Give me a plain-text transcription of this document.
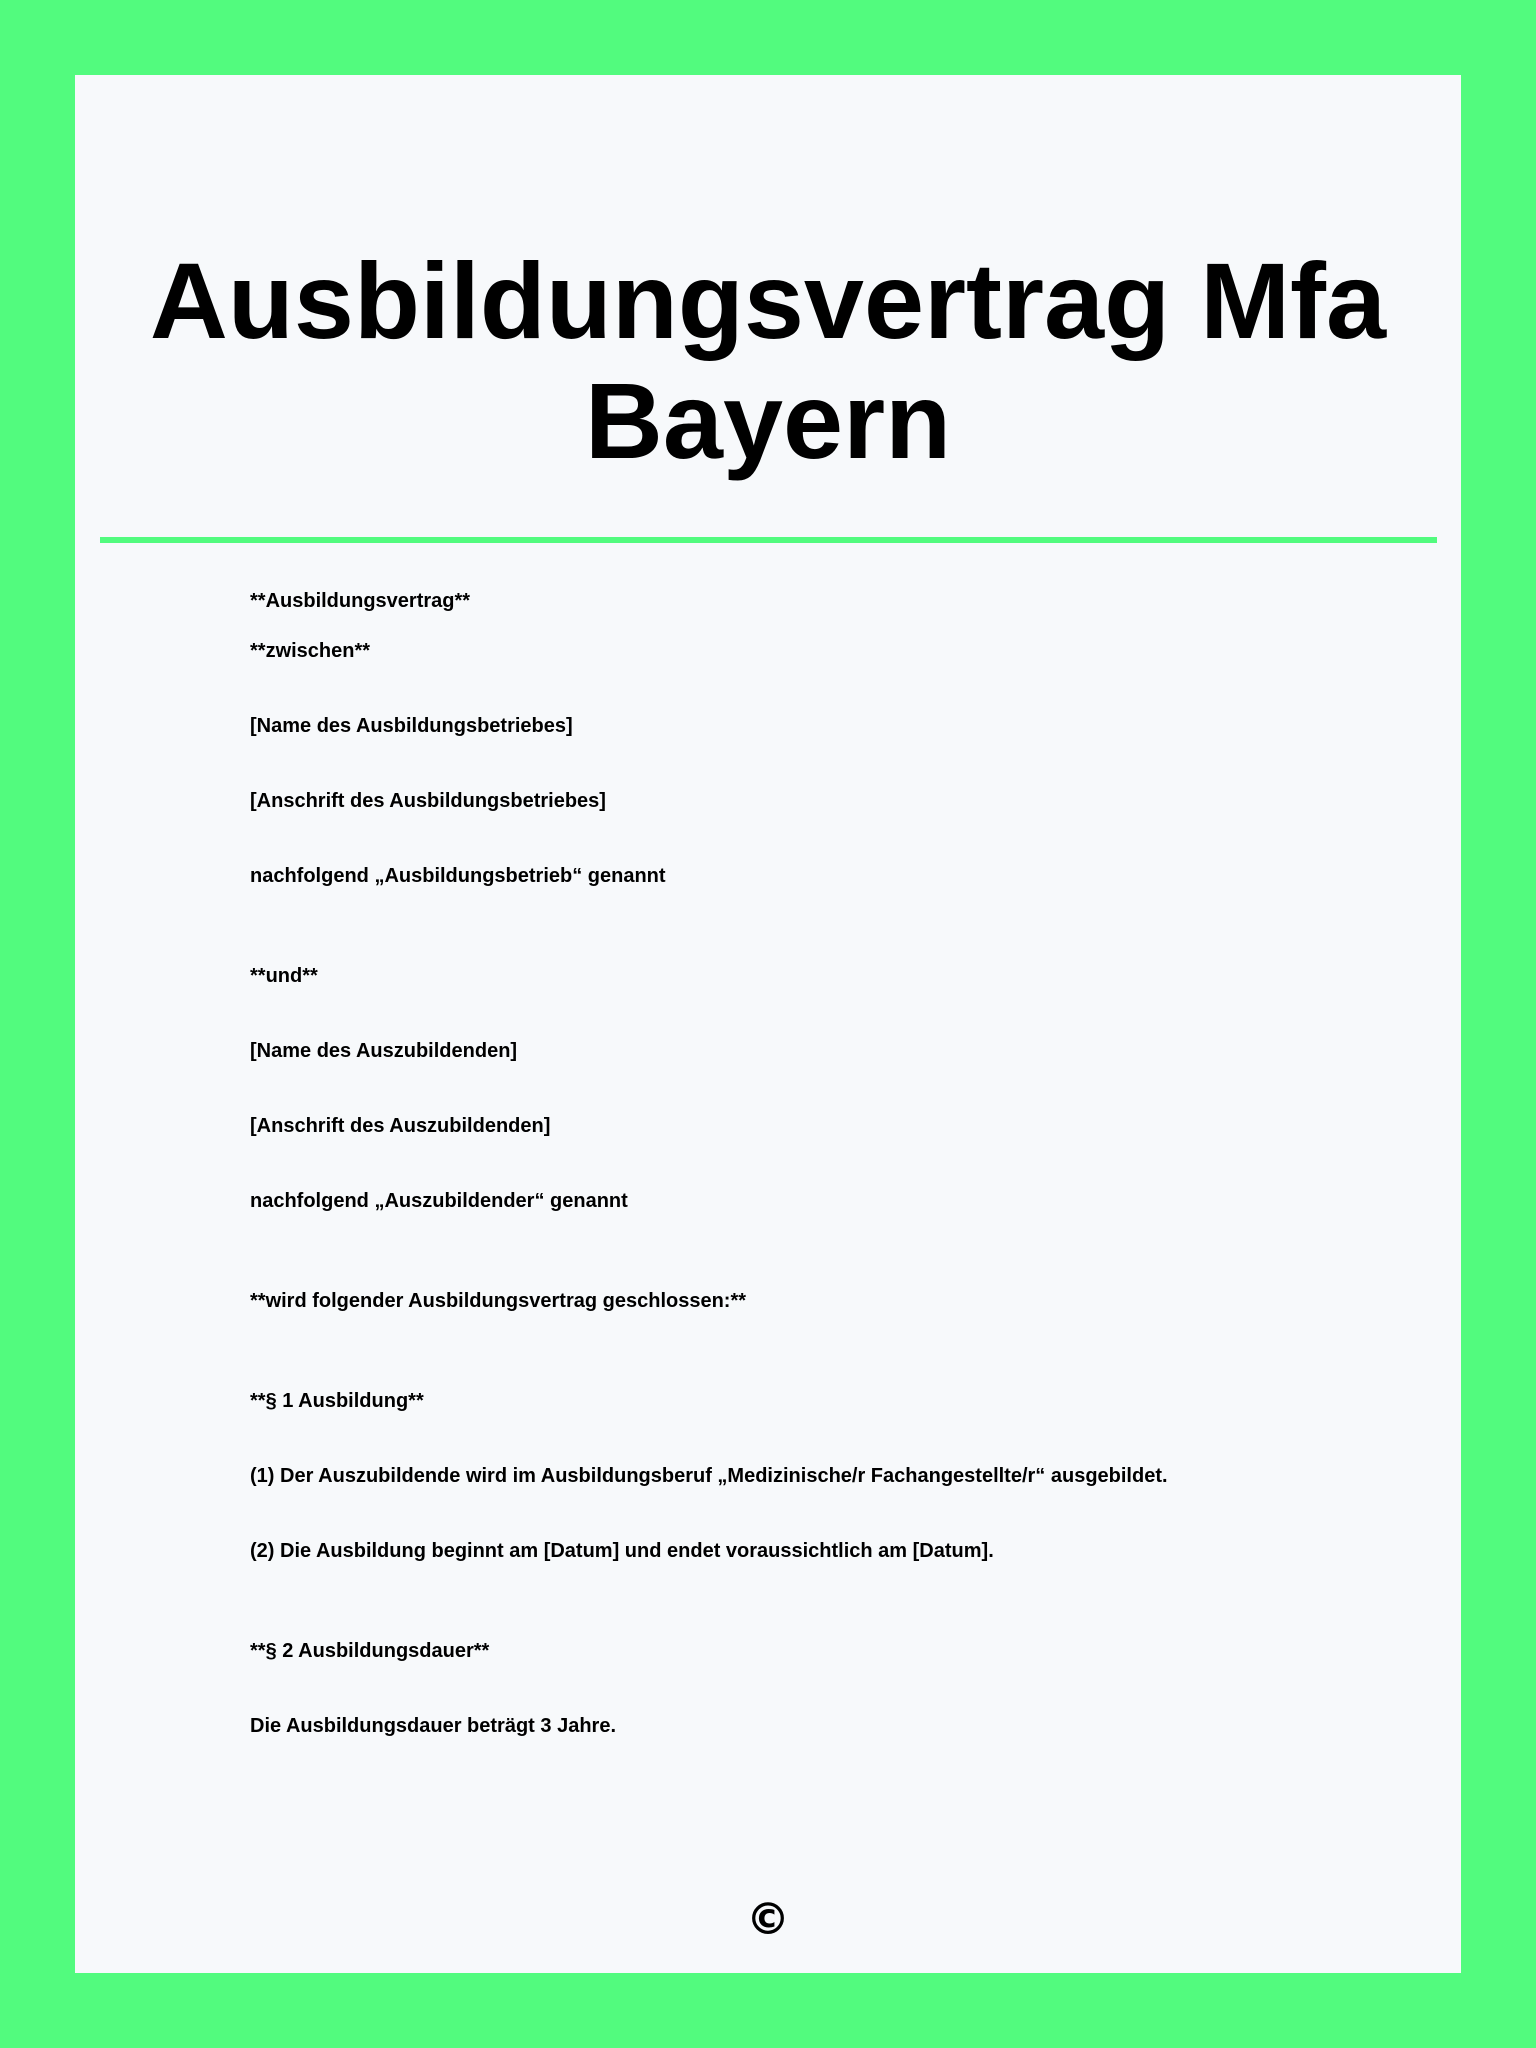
Ausbildungsvertrag Mfa Bayern
**Ausbildungsvertrag**
**zwischen**
[Name des Ausbildungsbetriebes]
[Anschrift des Ausbildungsbetriebes]
nachfolgend „Ausbildungsbetrieb“ genannt
**und**
[Name des Auszubildenden]
[Anschrift des Auszubildenden]
nachfolgend „Auszubildender“ genannt
**wird folgender Ausbildungsvertrag geschlossen:**
**§ 1 Ausbildung**
(1) Der Auszubildende wird im Ausbildungsberuf „Medizinische/r Fachangestellte/r“ ausgebildet.
(2) Die Ausbildung beginnt am [Datum] und endet voraussichtlich am [Datum].
**§ 2 Ausbildungsdauer**
Die Ausbildungsdauer beträgt 3 Jahre.
©
